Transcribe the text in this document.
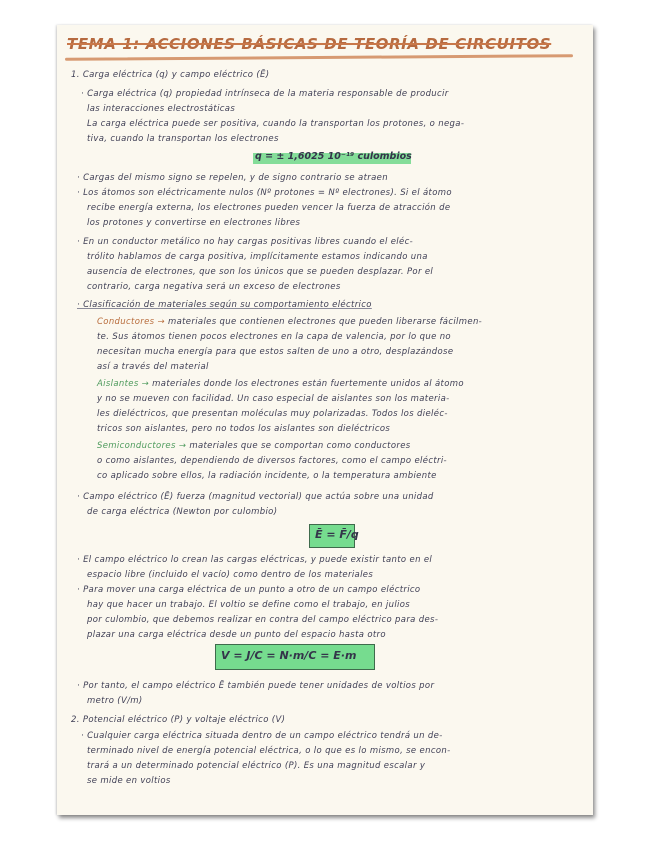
TEMA 1: ACCIONES BÁSICAS DE TEORÍA DE CIRCUITOS
1. Carga eléctrica (q) y campo eléctrico (Ē)
· Carga eléctrica (q) propiedad intrínseca de la materia responsable de producir
las interacciones electrostáticas
La carga eléctrica puede ser positiva, cuando la transportan los protones, o nega-
tiva, cuando la transportan los electrones
q = ± 1,6025 10⁻¹⁹ culombios
· Cargas del mismo signo se repelen, y de signo contrario se atraen
· Los átomos son eléctricamente nulos (Nº protones = Nº electrones). Si el átomo
recibe energía externa, los electrones pueden vencer la fuerza de atracción de
los protones y convertirse en electrones libres
· En un conductor metálico no hay cargas positivas libres cuando el eléc-
trólito hablamos de carga positiva, implícitamente estamos indicando una
ausencia de electrones, que son los únicos que se pueden desplazar. Por el
contrario, carga negativa será un exceso de electrones
· Clasificación de materiales según su comportamiento eléctrico
Conductores → materiales que contienen electrones que pueden liberarse fácilmen-
te. Sus átomos tienen pocos electrones en la capa de valencia, por lo que no
necesitan mucha energía para que estos salten de uno a otro, desplazándose
así a través del material
Aislantes → materiales donde los electrones están fuertemente unidos al átomo
y no se mueven con facilidad. Un caso especial de aislantes son los materia-
les dieléctricos, que presentan moléculas muy polarizadas. Todos los dieléc-
tricos son aislantes, pero no todos los aislantes son dieléctricos
Semiconductores → materiales que se comportan como conductores
o como aislantes, dependiendo de diversos factores, como el campo eléctri-
co aplicado sobre ellos, la radiación incidente, o la temperatura ambiente
· Campo eléctrico (Ē) fuerza (magnitud vectorial) que actúa sobre una unidad
de carga eléctrica (Newton por culombio)
Ē = F̄/q
· El campo eléctrico lo crean las cargas eléctricas, y puede existir tanto en el
espacio libre (incluido el vacío) como dentro de los materiales
· Para mover una carga eléctrica de un punto a otro de un campo eléctrico
hay que hacer un trabajo. El voltio se define como el trabajo, en julios
por culombio, que debemos realizar en contra del campo eléctrico para des-
plazar una carga eléctrica desde un punto del espacio hasta otro
V = J/C = N·m/C = E·m
· Por tanto, el campo eléctrico Ē también puede tener unidades de voltios por
metro (V/m)
2. Potencial eléctrico (P) y voltaje eléctrico (V)
· Cualquier carga eléctrica situada dentro de un campo eléctrico tendrá un de-
terminado nivel de energía potencial eléctrica, o lo que es lo mismo, se encon-
trará a un determinado potencial eléctrico (P). Es una magnitud escalar y
se mide en voltios
